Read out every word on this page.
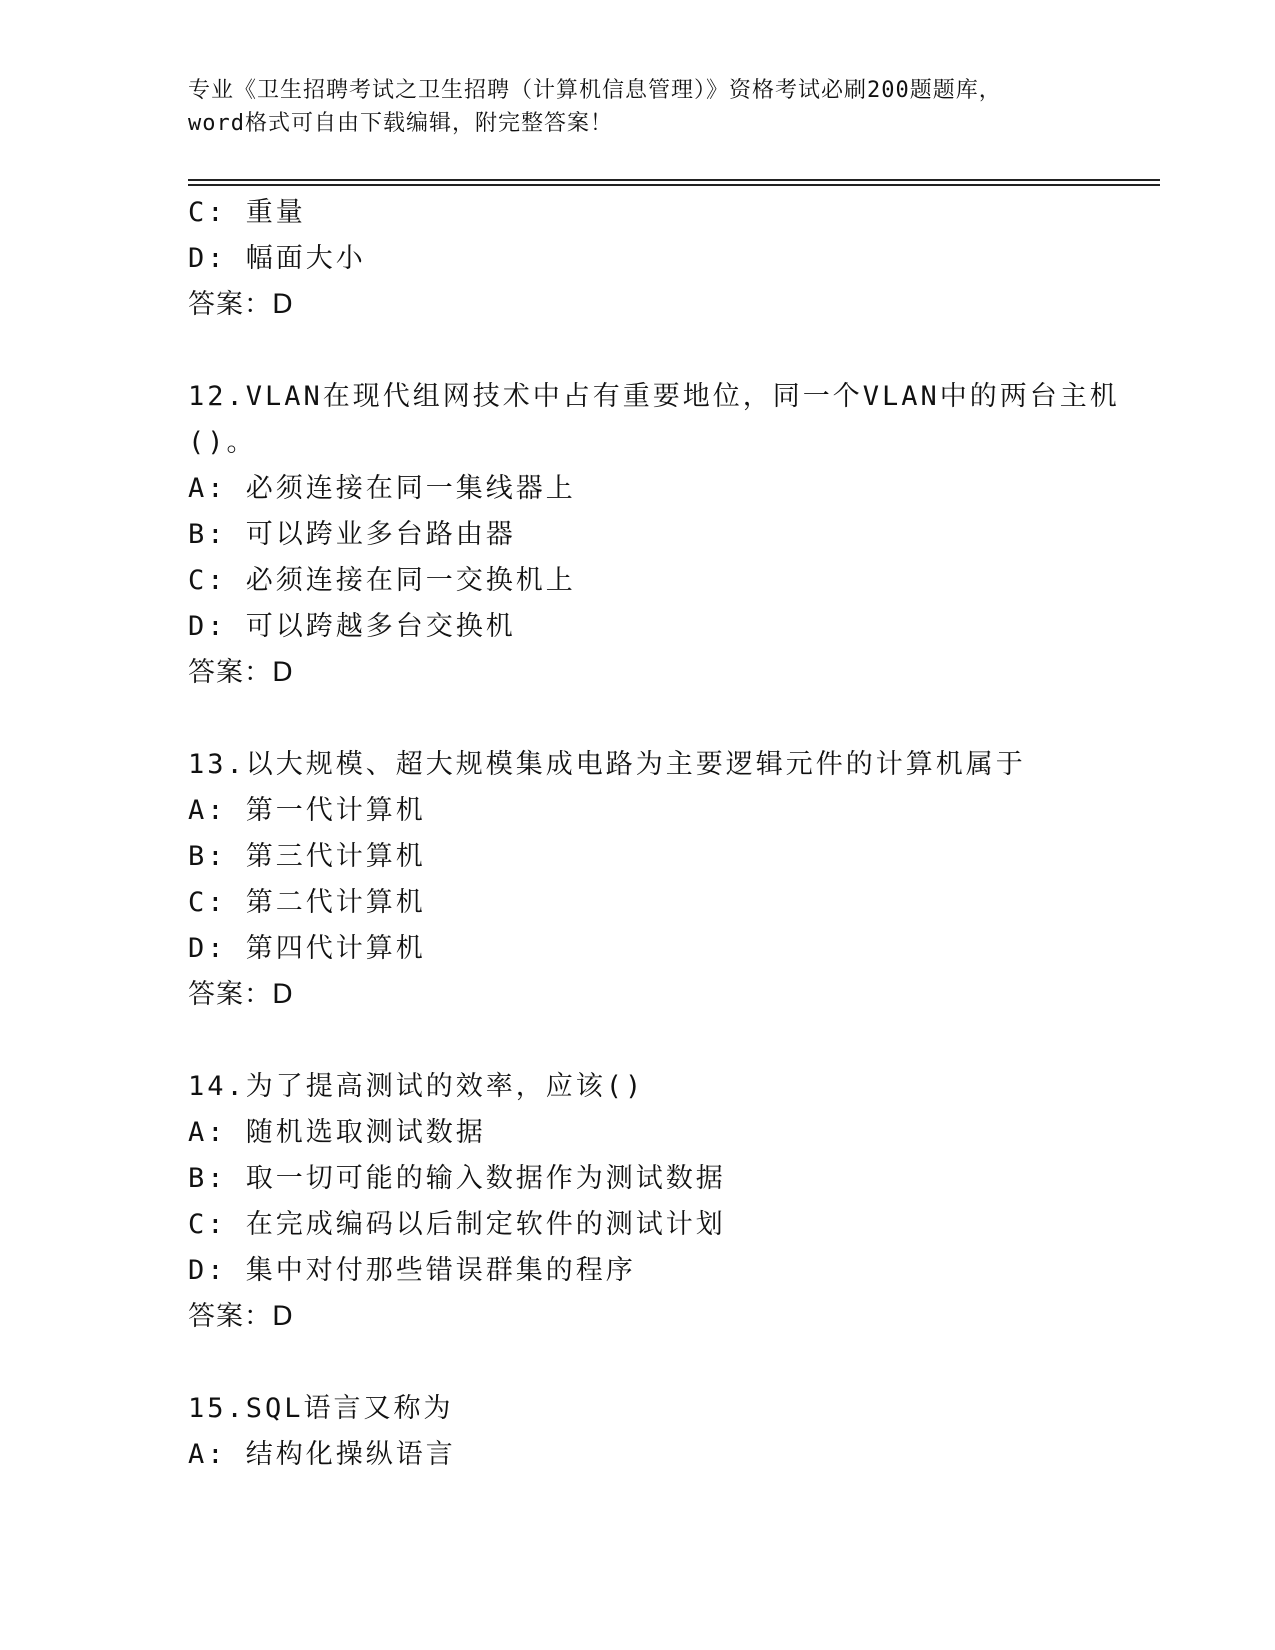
专业《卫生招聘考试之卫生招聘（计算机信息管理）》资格考试必刷200题题库，
word格式可自由下载编辑，附完整答案！
C: 重量
D: 幅面大小
答案：D
12.VLAN在现代组网技术中占有重要地位，同一个VLAN中的两台主机
()。
A: 必须连接在同一集线器上
B: 可以跨业多台路由器
C: 必须连接在同一交换机上
D: 可以跨越多台交换机
答案：D
13.以大规模、超大规模集成电路为主要逻辑元件的计算机属于
A: 第一代计算机
B: 第三代计算机
C: 第二代计算机
D: 第四代计算机
答案：D
14.为了提高测试的效率，应该()
A: 随机选取测试数据
B: 取一切可能的输入数据作为测试数据
C: 在完成编码以后制定软件的测试计划
D: 集中对付那些错误群集的程序
答案：D
15.SQL语言又称为
A: 结构化操纵语言
